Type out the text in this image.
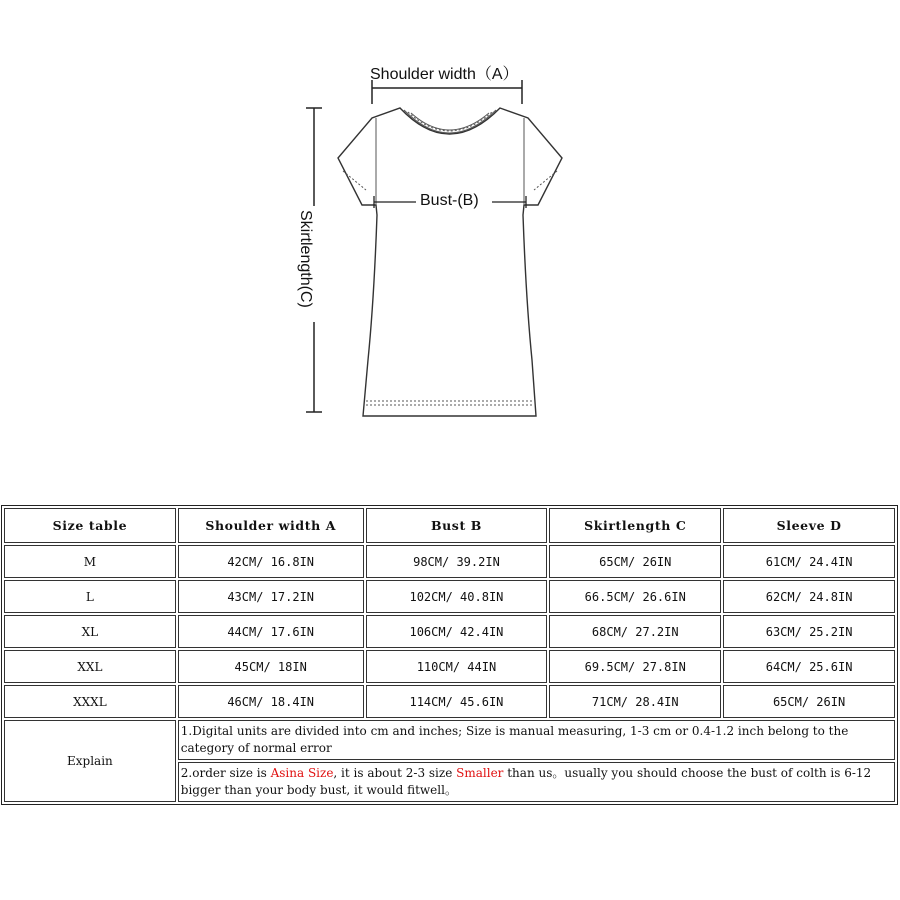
Shoulder width（A）
Bust-(B)
Skirtlength(C)
Size table	Shoulder width A	Bust B	Skirtlength C	Sleeve D
M	42CM/ 16.8IN	98CM/ 39.2IN	65CM/ 26IN	61CM/ 24.4IN
L	43CM/ 17.2IN	102CM/ 40.8IN	66.5CM/ 26.6IN	62CM/ 24.8IN
XL	44CM/ 17.6IN	106CM/ 42.4IN	68CM/ 27.2IN	63CM/ 25.2IN
XXL	45CM/ 18IN	110CM/ 44IN	69.5CM/ 27.8IN	64CM/ 25.6IN
XXXL	46CM/ 18.4IN	114CM/ 45.6IN	71CM/ 28.4IN	65CM/ 26IN
Explain	1.Digital units are divided into cm and inches; Size is manual measuring, 1-3 cm or 0.4-1.2 inch belong to the category of normal error			
	2.order size is Asina Size, it is about 2-3 size Smaller than us。usually you should choose the bust of colth is 6-12 bigger than your body bust, it would fitwell。			
